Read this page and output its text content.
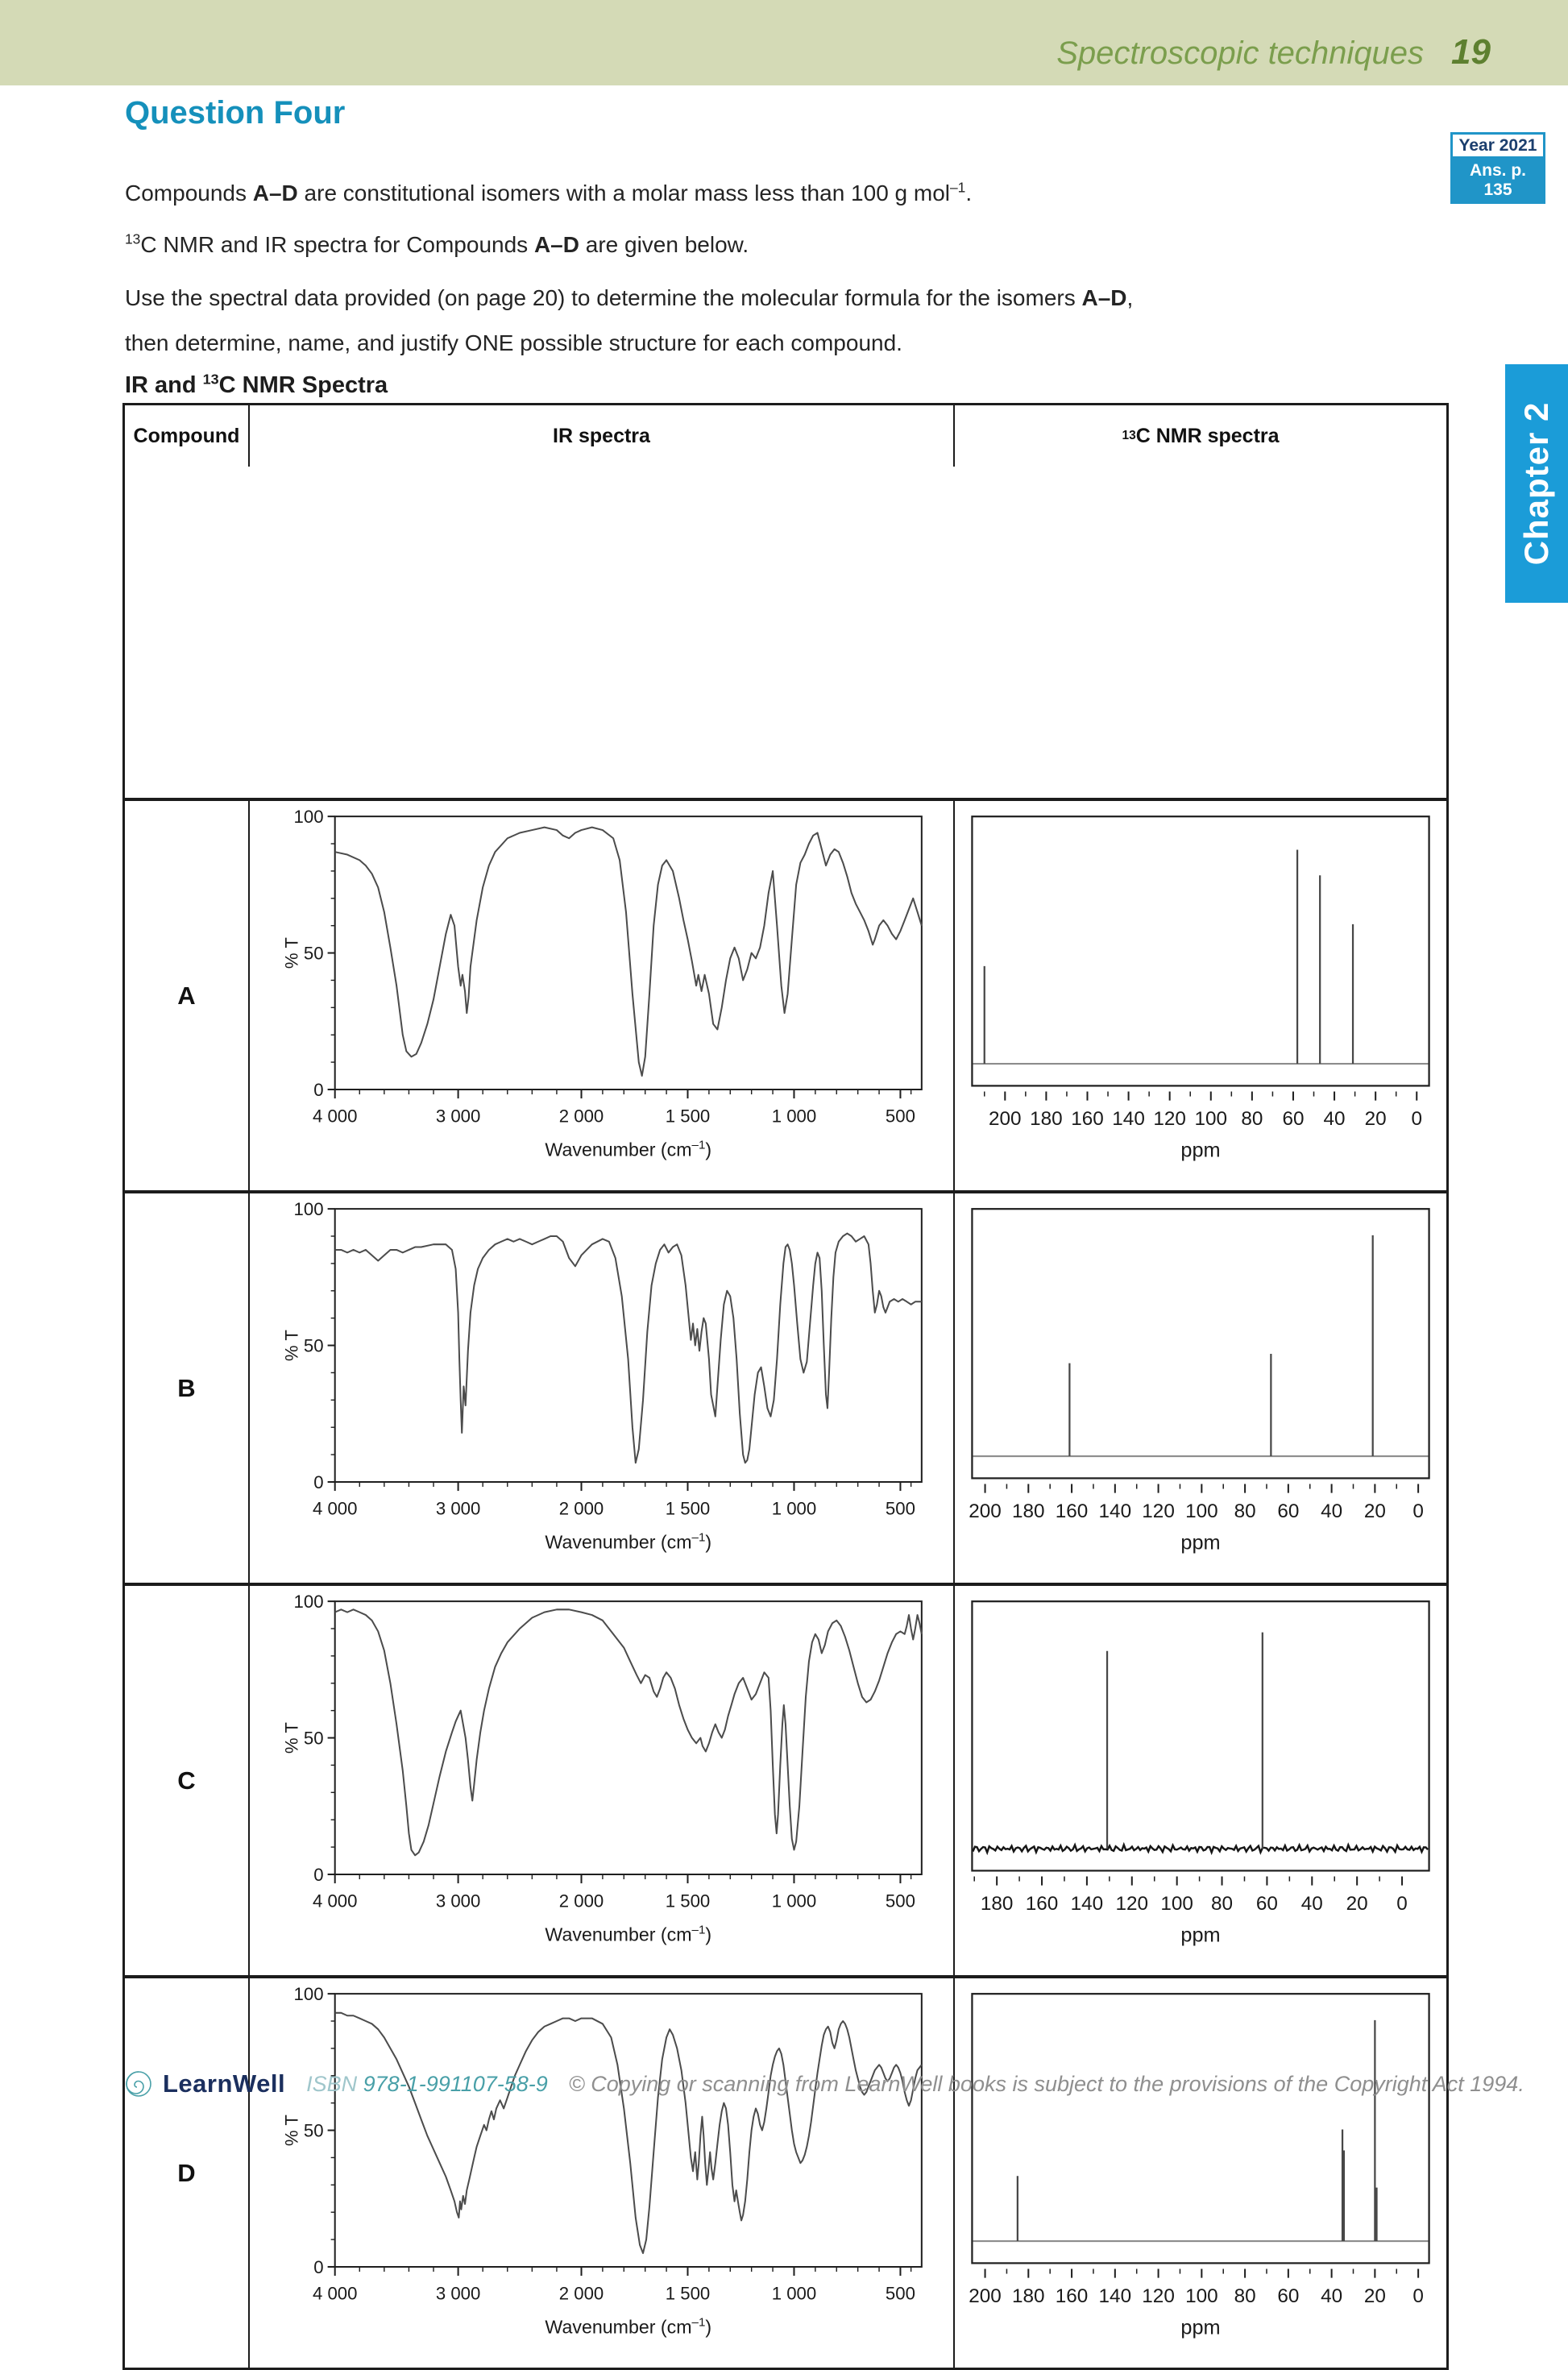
Spectroscopic techniques 19
Chapter 2
Question Four
Year 2021
Ans. p. 135

Compounds A–D are constitutional isomers with a molar mass less than 100 g mol$^{-1}$.

$^{13}$C NMR and IR spectra for Compounds A–D are given below.

Use the spectral data provided (on page 20) to determine the molecular formula for the isomers A–D,
then determine, name, and justify ONE possible structure for each compound.

IR and $^{13}$C NMR Spectra
Compound	IR spectra	13 C NMR spectra
A
100
50
0
4 000	3 000	2 000	1 500	1 000	500
% T
Wavenumber $(cm^{-1})$
200 180 160 140 120 100 80 60 40 20 0
ppm
B
100
50
0
4 000	3 000	2 000	1 500	1 000	500
% T
Wavenumber $(cm^{-1})$
200 180 160 140 120 100 80 60 40 20 0
ppm
C
100
50
0
4 000	3 000	2 000	1 500	1 000	500
% T
Wavenumber $(cm^{-1})$
180 160 140 120 100 80 60 40 20 0
ppm
D
100
50
0
4 000	3 000	2 000	1 500	1 000	500
% T
Wavenumber $(cm^{-1})$
200 180 160 140 120 100 80 60 40 20 0
ppm
LearnWell ISBN 978-1-991107-58-9 © Copying or scanning from LearnWell books is subject to the provisions of the Copyright Act 1994.
